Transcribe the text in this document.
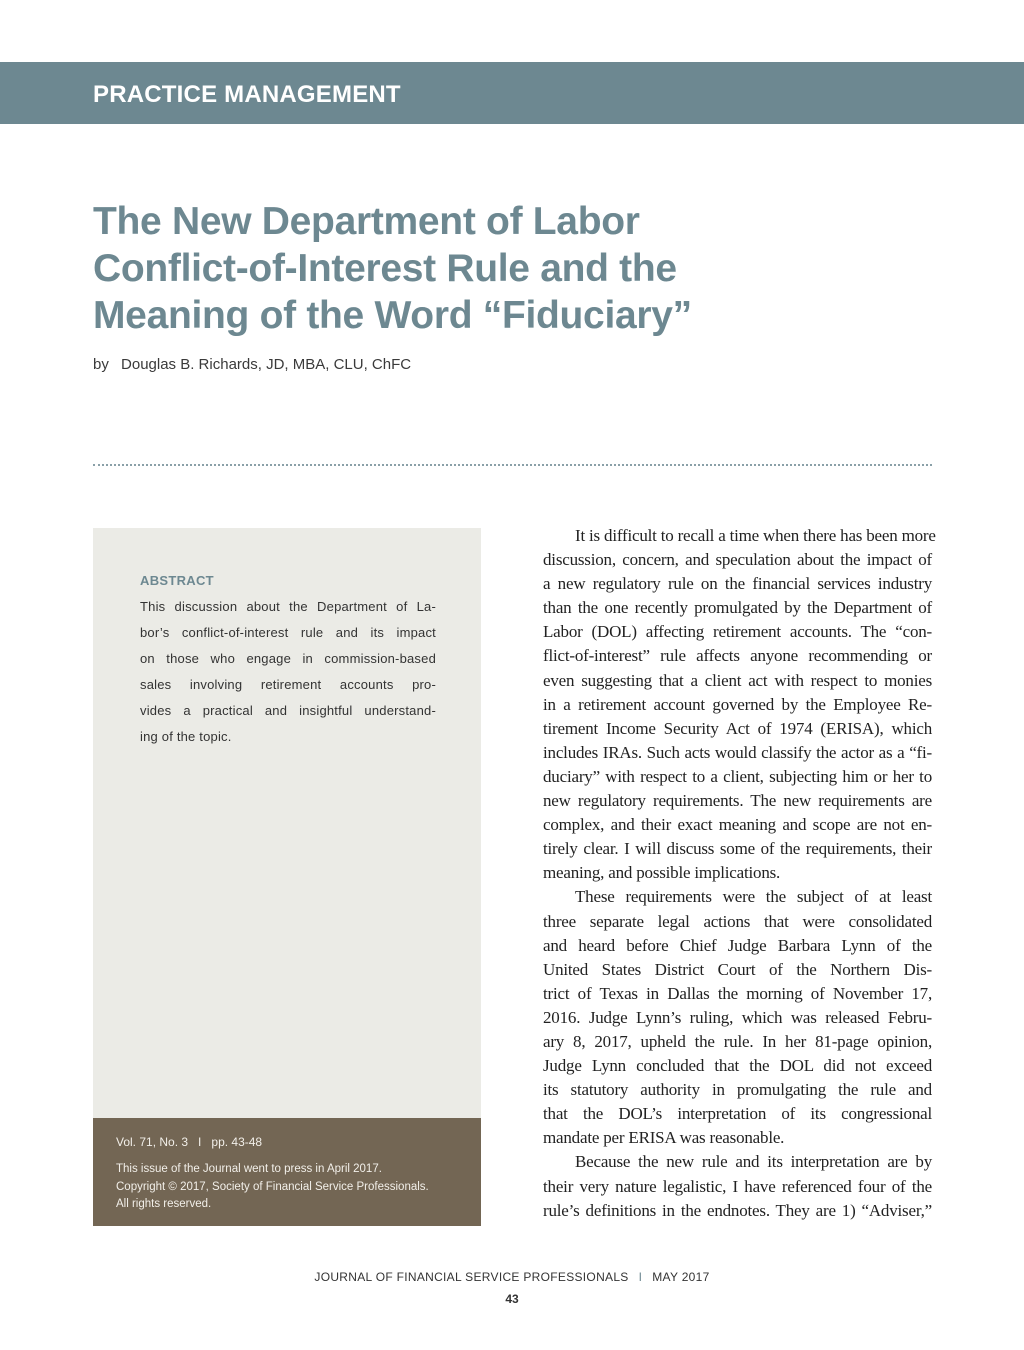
PRACTICE MANAGEMENT
The New Department of Labor
Conflict-of-Interest Rule and the
Meaning of the Word “Fiduciary”
by Douglas B. Richards, JD, MBA, CLU, ChFC
ABSTRACT
This discussion about the Department of La-
bor’s conflict-of-interest rule and its impact
on those who engage in commission-based
sales involving retirement accounts pro-
vides a practical and insightful understand-
ing of the topic.
Vol. 71, No. 3 I pp. 43-48
This issue of the Journal went to press in April 2017.
Copyright © 2017, Society of Financial Service Professionals.
All rights reserved.
It is difficult to recall a time when there has been more
discussion, concern, and speculation about the impact of
a new regulatory rule on the financial services industry
than the one recently promulgated by the Department of
Labor (DOL) affecting retirement accounts. The “con-
flict-of-interest” rule affects anyone recommending or
even suggesting that a client act with respect to monies
in a retirement account governed by the Employee Re-
tirement Income Security Act of 1974 (ERISA), which
includes IRAs. Such acts would classify the actor as a “fi-
duciary” with respect to a client, subjecting him or her to
new regulatory requirements. The new requirements are
complex, and their exact meaning and scope are not en-
tirely clear. I will discuss some of the requirements, their
meaning, and possible implications.
These requirements were the subject of at least
three separate legal actions that were consolidated
and heard before Chief Judge Barbara Lynn of the
United States District Court of the Northern Dis-
trict of Texas in Dallas the morning of November 17,
2016. Judge Lynn’s ruling, which was released Febru-
ary 8, 2017, upheld the rule. In her 81-page opinion,
Judge Lynn concluded that the DOL did not exceed
its statutory authority in promulgating the rule and
that the DOL’s interpretation of its congressional
mandate per ERISA was reasonable.
Because the new rule and its interpretation are by
their very nature legalistic, I have referenced four of the
rule’s definitions in the endnotes. They are 1) “Adviser,”
JOURNAL OF FINANCIAL SERVICE PROFESSIONALS I MAY 2017
43
